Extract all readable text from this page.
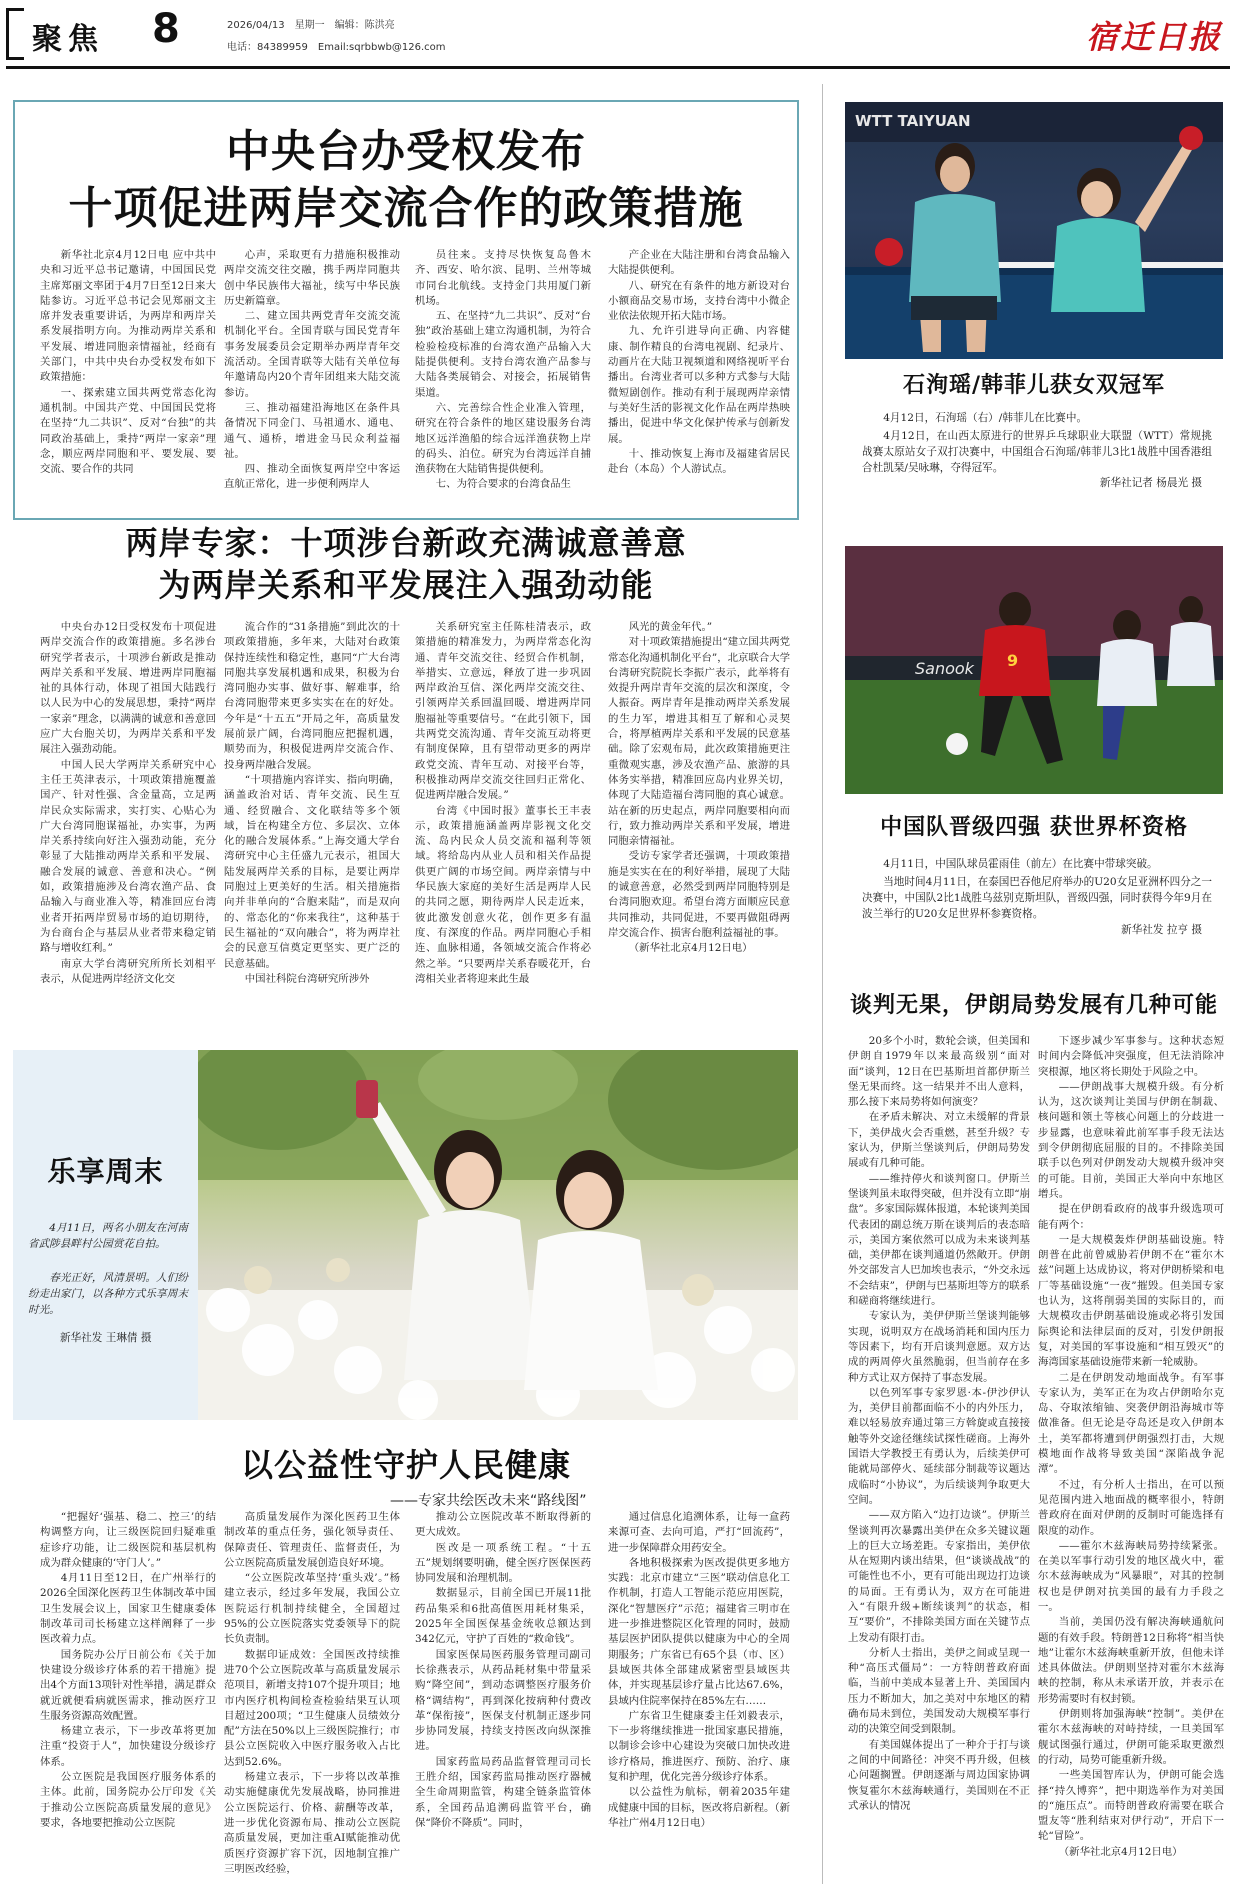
聚焦 8	2026/04/13　星期一　编辑：陈洪亮
电话：84389959　Email:sqrbbwb@126.com	宿迁日报
中央台办受权发布
十项促进两岸交流合作的政策措施

新华社北京4月12日电 应中共中央和习近平总书记邀请，中国国民党主席郑丽文率团于4月7日至12日来大陆参访。习近平总书记会见郑丽文主席并发表重要讲话，为两岸和两岸关系发展指明方向。为推动两岸关系和平发展、增进同胞亲情福祉，经商有关部门，中共中央台办受权发布如下政策措施：

一、探索建立国共两党常态化沟通机制。中国共产党、中国国民党将在坚持“九二共识”、反对“台独”的共同政治基础上，秉持“两岸一家亲”理念，顺应两岸同胞和平、要发展、要交流、要合作的共同

心声，采取更有力措施积极推动两岸交流交往交融，携手两岸同胞共创中华民族伟大福祉，续写中华民族历史新篇章。

二、建立国共两党青年交流交流机制化平台。全国青联与国民党青年事务发展委员会定期举办两岸青年交流活动。全国青联等大陆有关单位每年邀请岛内20个青年团组来大陆交流参访。

三、推动福建沿海地区在条件具备情况下同金门、马祖通水、通电、通气、通桥，增进金马民众利益福祉。

四、推动全面恢复两岸空中客运直航正常化，进一步便利两岸人

员往来。支持尽快恢复岛鲁木齐、西安、哈尔滨、昆明、兰州等城市同台北航线。支持金门共用厦门新机场。

五、在坚持“九二共识”、反对“台独”政治基础上建立沟通机制，为符合检验检疫标准的台湾农渔产品输入大陆提供便利。支持台湾农渔产品参与大陆各类展销会、对接会，拓展销售渠道。

六、完善综合性企业准入管理，研究在符合条件的地区建设服务台湾地区远洋渔船的综合远洋渔获物上岸的码头、泊位。研究为台湾远洋自捕渔获物在大陆销售提供便利。

七、为符合要求的台湾食品生

产企业在大陆注册和台湾食品输入大陆提供便利。

八、研究在有条件的地方新设对台小额商品交易市场，支持台湾中小微企业依法依规开拓大陆市场。

九、允许引进导向正确、内容健康、制作精良的台湾电视剧、纪录片、动画片在大陆卫视频道和网络视听平台播出。台湾业者可以多种方式参与大陆微短剧创作。推动有利于展现两岸亲情与美好生活的影视文化作品在两岸热映播出，促进中华文化保护传承与创新发展。

十、推动恢复上海市及福建省居民赴台（本岛）个人游试点。

WTT TAIYUAN
石洵瑶/韩菲儿获女双冠军
4月12日，石洵瑶（右）/韩菲儿在比赛中。
4月12日，在山西太原进行的世界乒乓球职业大联盟（WTT）常规挑战赛太原站女子双打决赛中，中国组合石洵瑶/韩菲儿3比1战胜中国香港组合杜凯琹/吴咏琳，夺得冠军。
新华社记者 杨晨光 摄
Sanook 9
中国队晋级四强 获世界杯资格
4月11日，中国队球员霍雨佳（前左）在比赛中带球突破。
当地时间4月11日，在泰国巴吞他尼府举办的U20女足亚洲杯四分之一决赛中，中国队2比1战胜乌兹别克斯坦队，晋级四强，同时获得今年9月在波兰举行的U20女足世界杯参赛资格。
新华社发 拉亨 摄
两岸专家：十项涉台新政充满诚意善意
为两岸关系和平发展注入强劲动能

中央台办12日受权发布十项促进两岸交流合作的政策措施。多名涉台研究学者表示，十项涉台新政是推动两岸关系和平发展、增进两岸同胞福祉的具体行动，体现了祖国大陆践行以人民为中心的发展思想，秉持“两岸一家亲”理念，以满满的诚意和善意回应广大台胞关切，为两岸关系和平发展注入强劲动能。

中国人民大学两岸关系研究中心主任王英津表示，十项政策措施覆盖国产、针对性强、含金量高，立足两岸民众实际需求，实打实、心贴心为广大台湾同胞谋福祉，办实事，为两岸关系持续向好注入强劲动能，充分彰显了大陆推动两岸关系和平发展、融合发展的诚意、善意和决心。“例如，政策措施涉及台湾农渔产品、食品输入与商业准入等，精准回应台湾业者开拓两岸贸易市场的迫切期待，为台商台企与基层从业者带来稳定销路与增收红利。”

南京大学台湾研究所所长刘相平表示，从促进两岸经济文化交

流合作的“31条措施”到此次的十项政策措施，多年来，大陆对台政策保持连续性和稳定性，惠同“广大台湾同胞共享发展机遇和成果，积极为台湾同胞办实事、做好事、解难事，给台湾同胞带来更多实实在在的好处。今年是“十五五”开局之年，高质量发展前景广阔，台湾同胞应把握机遇，顺势而为，积极促进两岸交流合作、投身两岸融合发展。

“十项措施内容详实、指向明确，涵盖政治对话、青年交流、民生互通、经贸融合、文化联结等多个领域，旨在构建全方位、多层次、立体化的融合发展体系。”上海交通大学台湾研究中心主任盛九元表示，祖国大陆发展两岸关系的目标，是要让两岸同胞过上更美好的生活。相关措施指向并非单向的“合胞来陆”，而是双向的、常态化的“你来我往”，这种基于民生福祉的“双向融合”，将为两岸社会的民意互信奠定更坚实、更广泛的民意基础。

中国社科院台湾研究所涉外

关系研究室主任陈桂清表示，政策措施的精准发力，为两岸常态化沟通、青年交流交往、经贸合作机制，举措实、立意远，释放了进一步巩固两岸政治互信、深化两岸交流交往、引领两岸关系回温回暖、增进两岸同胞福祉等重要信号。“在此引领下，国共两党交流沟通、青年交流互动将更有制度保障，且有望带动更多的两岸政党交流、青年互动、对接平台等，积极推动两岸交流交往回归正常化、促进两岸融合发展。”

台湾《中国时报》董事长王丰表示，政策措施涵盖两岸影视文化交流、岛内民众人员交流和福利等领域。将给岛内从业人员和相关作品提供更广阔的市场空间。两岸亲情与中华民族大家庭的美好生活是两岸人民的共同之愿，期待两岸人民走近来，彼此激发创意火花，创作更多有温度、有深度的作品。两岸同胞心手相连、血脉相通，各领域交流合作将必然之举。“只要两岸关系春暖花开，台湾相关业者将迎来此生最

风光的黄金年代。”

对十项政策措施提出“建立国共两党常态化沟通机制化平台”，北京联合大学台湾研究院院长李振广表示，此举将有效提升两岸青年交流的层次和深度，令人振奋。两岸青年是推动两岸关系发展的生力军，增进其相互了解和心灵契合，将厚植两岸关系和平发展的民意基础。除了宏观布局，此次政策措施更注重微观实惠，涉及农渔产品、旅游的具体务实举措，精准回应岛内业界关切，体现了大陆造福台湾同胞的真心诚意。站在新的历史起点，两岸同胞要相向而行，致力推动两岸关系和平发展，增进同胞亲情福祉。

受访专家学者还强调，十项政策措施是实实在在的利好举措，展现了大陆的诚意善意，必然受到两岸同胞特别是台湾同胞欢迎。希望台湾方面顺应民意共同推动，共同促进，不要再做阻碍两岸交流合作、损害台胞利益福祉的事。

（新华社北京4月12日电）

谈判无果，伊朗局势发展有几种可能

20多个小时，数轮会谈，但美国和伊朗自1979年以来最高级别“面对面”谈判，12日在巴基斯坦首都伊斯兰堡无果而终。这一结果并不出人意料，那么接下来局势将如何演变？

在矛盾未解决、对立未缓解的背景下，美伊战火会否重燃，甚至升级？专家认为，伊斯兰堡谈判后，伊朗局势发展或有几种可能。

——维持停火和谈判窗口。伊斯兰堡谈判虽未取得突破，但并没有立即“崩盘”。多家国际媒体报道，本轮谈判美国代表团的副总统万斯在谈判后的表态暗示，美国方案依然可以成为未来谈判基础，美伊都在谈判通道仍然敞开。伊朗外交部发言人巴加埃也表示，“外交永远不会结束”，伊朗与巴基斯坦等方的联系和磋商将继续进行。

专家认为，美伊伊斯兰堡谈判能够实现，说明双方在战场消耗和国内压力等因素下，均有开启谈判意愿。双方达成的两周停火虽然脆弱，但当前存在多种方式让双方保持了事态发展。

以色列军事专家罗恩·本-伊沙伊认为，美伊目前都面临不小的内外压力，难以轻易放弃通过第三方斡旋或直接接触等外交途径继续试探性磋商。上海外国语大学教授王有勇认为，后续美伊可能就局部停火、延续部分制裁等议题达成临时“小协议”，为后续谈判争取更大空间。

——双方陷入“边打边谈”。伊斯兰堡谈判再次暴露出美伊在众多关键议题上的巨大立场差距。专家指出，美伊依从在短期内谈出结果，但“谈谈战战”的可能性也不小，更有可能出现边打边谈的局面。王有勇认为，双方在可能进入“有限升级+断续谈判”的状态，相互“要价”，不排除美国方面在关键节点上发动有限打击。

分析人士指出，美伊之间或呈现一种“高压式僵局”：一方特朗普政府面临，当前中美成本显著上升、美国国内压力不断加大，加之美对中东地区的精确布局未到位，美国发动大规模军事行动的决策空间受到限制。

有美国媒体提出了一种介于打与谈之间的中间路径：冲突不再升级，但核心问题搁置。伊朗逐渐与周边国家协调恢复霍尔木兹海峡通行，美国则在不正式承认的情况

下逐步减少军事参与。这种状态短时间内会降低冲突强度，但无法消除冲突根源，地区将长期处于风险之中。

——伊朗战事大规模升级。有分析认为，这次谈判让美国与伊朗在制裁、核问题和领土等核心问题上的分歧进一步显露，也意味着此前军事手段无法达到令伊朗彻底屈服的目的。不排除美国联手以色列对伊朗发动大规模升级冲突的可能。目前，美国正大举向中东地区增兵。

提在伊朗看政府的战事升级选项可能有两个：

一是大规模轰炸伊朗基础设施。特朗普在此前曾威胁若伊朗不在“霍尔木兹”问题上达成协议，将对伊朗桥梁和电厂等基础设施“一夜”摧毁。但美国专家也认为，这将削弱美国的实际目的，而大规模攻击伊朗基础设施或必将引发国际舆论和法律层面的反对，引发伊朗报复，对美国的军事设施和“相互毁灭”的海湾国家基础设施带来新一轮威胁。

二是在伊朗发动地面战争。有军事专家认为，美军正在为攻占伊朗哈尔克岛、夺取浓缩铀、突袭伊朗沿海城市等做准备。但无论是夺岛还是攻入伊朗本土，美军都将遭到伊朗强烈打击，大规模地面作战将导致美国“深陷战争泥潭”。

不过，有分析人士指出，在可以预见范围内进入地面战的概率很小，特朗普政府在面对伊朗的反制时可能选择有限度的动作。

——霍尔木兹海峡局势持续紧张。在美以军事行动引发的地区战火中，霍尔木兹海峡成为“风暴眼”，对其的控制权也是伊朗对抗美国的最有力手段之一。

当前，美国仍没有解决海峡通航问题的有效手段。特朗普12日称将“相当快地”让霍尔木兹海峡重新开放，但他未详述具体做法。伊朗则坚持对霍尔木兹海峡的控制，称从未承诺开放，并表示在形势需要时有权封锁。

伊朗则将加强海峡“控制”。美伊在霍尔木兹海峡的对峙持续，一旦美国军舰试图强行通过，伊朗可能采取更激烈的行动，局势可能重新升级。

一些美国智库认为，伊朗可能会选择“持久博弈”，把中期选举作为对美国的“施压点”。而特朗普政府需要在联合盟友等“胜利结束对伊行动”，开启下一轮“冒险”。

（新华社北京4月12日电）

乐享周末
4月11日，两名小朋友在河南省武陟县畔村公园赏花自拍。
春光正好，风清景明。人们纷纷走出家门，以各种方式乐享周末时光。
新华社发 王琳倩 摄
以公益性守护人民健康
——专家共绘医改未来“路线图”

“把握好‘强基、稳二、控三’的结构调整方向，让三级医院回归疑难重症诊疗功能，让二级医院和基层机构成为群众健康的‘守门人’。”

4月11日至12日，在广州举行的2026全国深化医药卫生体制改革中国卫生发展会议上，国家卫生健康委体制改革司司长杨建立这样阐释了一步医改着力点。

国务院办公厅日前公布《关于加快建设分级诊疗体系的若干措施》提出4个方面13项针对性举措，满足群众就近就便看病就医需求，推动医疗卫生服务资源高效配置。

杨建立表示，下一步改革将更加注重“投资于人”，加快建设分级诊疗体系。

公立医院是我国医疗服务体系的主体。此前，国务院办公厅印发《关于推动公立医院高质量发展的意见》要求，各地要把推动公立医院

高质量发展作为深化医药卫生体制改革的重点任务，强化领导责任、保障责任、管理责任、监督责任，为公立医院高质量发展创造良好环境。

“公立医院改革坚持‘重头戏’。”杨建立表示，经过多年发展，我国公立医院运行机制持续健全，全国超过95%的公立医院落实党委领导下的院长负责制。

数据印证成效：全国医改持续推进70个公立医院改革与高质量发展示范项目，新增支持107个提升项目；地市内医疗机构间检查检验结果互认项目超过200项；“卫生健康人员绩效分配”方法在50%以上三级医院推行；市县公立医院收入中医疗服务收入占比达到52.6%。

杨建立表示，下一步将以改革推动实施健康优先发展战略，协同推进公立医院运行、价格、薪酬等改革，进一步优化资源布局、推动公立医院高质量发展，更加注重AI赋能推动优质医疗资源扩容下沉，因地制宜推广三明医改经验，

推动公立医院改革不断取得新的更大成效。

医改是一项系统工程。“十五五”规划纲要明确，健全医疗医保医药协同发展和治理机制。

数据显示，目前全国已开展11批药品集采和6批高值医用耗材集采，2025年全国医保基金统收总额达到342亿元，守护了百姓的“救命钱”。

国家医保局医药服务管理司副司长徐燕表示，从药品耗材集中带量采购“降空间”，到动态调整医疗服务价格“调结构”，再到深化按病种付费改革“保衔接”，医保支付机制正逐步同步协同发展，持续支持医改向纵深推进。

国家药监局药品监督管理司司长王胜介绍，国家药监局推动医疗器械全生命周期监管，构建全链条监管体系，全国药品追溯码监管平台，确保“降价不降质”。同时，

通过信息化追溯体系，让每一盒药来源可查、去向可追，严打“回流药”，进一步保障群众用药安全。

各地积极探索为医改提供更多地方实践：北京市建立“三医”联动信息化工作机制，打造人工智能示范应用医院，深化“智慧医疗”示范；福建省三明市在进一步推进整院区化管理的同时，鼓励基层医护团队提供以健康为中心的全周期服务；广东省已有65个县（市、区）县域医共体全部建成紧密型县域医共体，并实现基层诊疗量占比达67.6%，县域内住院率保持在85%左右……

广东省卫生健康委主任刘毅表示，下一步将继续推进一批国家惠民措施，以制诊会诊中心建设为突破口加快改进诊疗格局，推进医疗、预防、治疗、康复和护理，优化完善分级诊疗体系。

以公益性为航标，朝着2035年建成健康中国的目标，医改将启新程。（新华社广州4月12日电）
